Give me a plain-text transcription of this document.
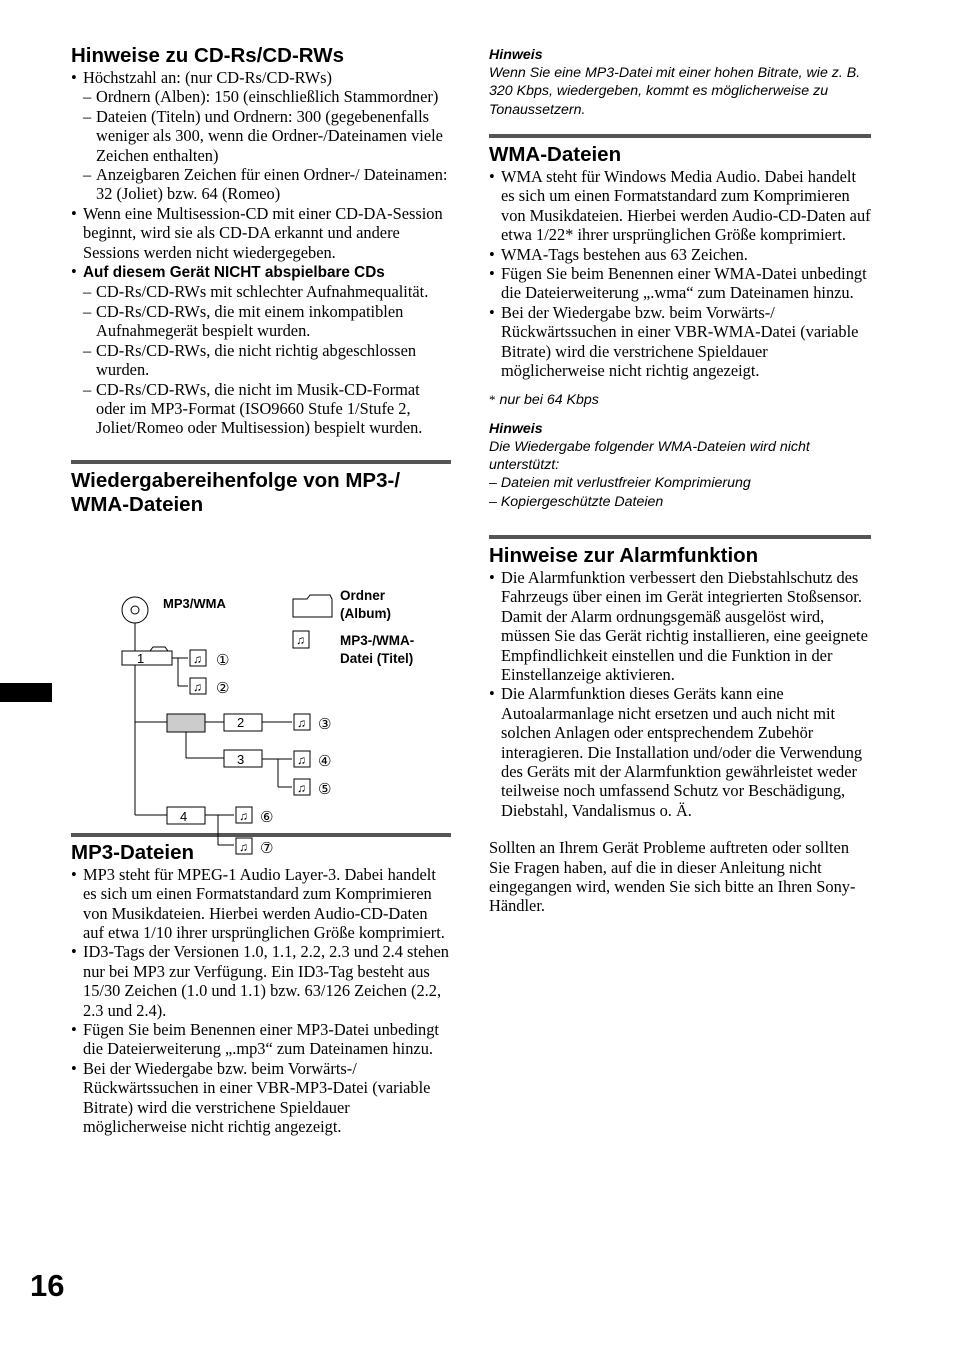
Hinweise zu CD-Rs/CD-RWs
• Höchstzahl an: (nur CD-Rs/CD-RWs)
– Ordnern (Alben): 150 (einschließlich Stammordner)
– Dateien (Titeln) und Ordnern: 300 (gegebenenfalls weniger als 300, wenn die Ordner-/Dateinamen viele Zeichen enthalten)
– Anzeigbaren Zeichen für einen Ordner-/ Dateinamen: 32 (Joliet) bzw. 64 (Romeo)
• Wenn eine Multisession-CD mit einer CD-DA-Session beginnt, wird sie als CD-DA erkannt und andere Sessions werden nicht wiedergegeben.
• Auf diesem Gerät NICHT abspielbare CDs
– CD-Rs/CD-RWs mit schlechter Aufnahmequalität.
– CD-Rs/CD-RWs, die mit einem inkompatiblen Aufnahmegerät bespielt wurden.
– CD-Rs/CD-RWs, die nicht richtig abgeschlossen wurden.
– CD-Rs/CD-RWs, die nicht im Musik-CD-Format oder im MP3-Format (ISO9660 Stufe 1/Stufe 2, Joliet/Romeo oder Multisession) bespielt wurden.
Wiedergabereihenfolge von MP3-/ WMA-Dateien
MP3-Dateien
• MP3 steht für MPEG-1 Audio Layer-3. Dabei handelt es sich um einen Formatstandard zum Komprimieren von Musikdateien. Hierbei werden Audio-CD-Daten auf etwa 1/10 ihrer ursprünglichen Größe komprimiert.
• ID3-Tags der Versionen 1.0, 1.1, 2.2, 2.3 und 2.4 stehen nur bei MP3 zur Verfügung. Ein ID3-Tag besteht aus 15/30 Zeichen (1.0 und 1.1) bzw. 63/126 Zeichen (2.2, 2.3 und 2.4).
• Fügen Sie beim Benennen einer MP3-Datei unbedingt die Dateierweiterung „.mp3“ zum Dateinamen hinzu.
• Bei der Wiedergabe bzw. beim Vorwärts-/ Rückwärtssuchen in einer VBR-MP3-Datei (variable Bitrate) wird die verstrichene Spieldauer möglicherweise nicht richtig angezeigt.
MP3/WMA
1
2
3
4
♫ ①
♫ ②
♫ ③
♫ ④
♫ ⑤
♫ ⑥
♫ ⑦
Ordner
(Album)
♫	MP3-/WMA-
Datei (Titel)
Hinweis
Wenn Sie eine MP3-Datei mit einer hohen Bitrate, wie z. B. 320 Kbps, wiedergeben, kommt es möglicherweise zu Tonaussetzern.
WMA-Dateien
• WMA steht für Windows Media Audio. Dabei handelt es sich um einen Formatstandard zum Komprimieren von Musikdateien. Hierbei werden Audio-CD-Daten auf etwa 1/22* ihrer ursprünglichen Größe komprimiert.
• WMA-Tags bestehen aus 63 Zeichen.
• Fügen Sie beim Benennen einer WMA-Datei unbedingt die Dateierweiterung „.wma“ zum Dateinamen hinzu.
• Bei der Wiedergabe bzw. beim Vorwärts-/ Rückwärtssuchen in einer VBR-WMA-Datei (variable Bitrate) wird die verstrichene Spieldauer möglicherweise nicht richtig angezeigt.
* nur bei 64 Kbps
Hinweis
Die Wiedergabe folgender WMA-Dateien wird nicht unterstützt:
– Dateien mit verlustfreier Komprimierung
– Kopiergeschützte Dateien
Hinweise zur Alarmfunktion
• Die Alarmfunktion verbessert den Diebstahlschutz des Fahrzeugs über einen im Gerät integrierten Stoßsensor. Damit der Alarm ordnungsgemäß ausgelöst wird, müssen Sie das Gerät richtig installieren, eine geeignete Empfindlichkeit einstellen und die Funktion in der Einstellanzeige aktivieren.
• Die Alarmfunktion dieses Geräts kann eine Autoalarmanlage nicht ersetzen und auch nicht mit solchen Anlagen oder entsprechendem Zubehör interagieren. Die Installation und/oder die Verwendung des Geräts mit der Alarmfunktion gewährleistet weder teilweise noch umfassend Schutz vor Beschädigung, Diebstahl, Vandalismus o. Ä.

Sollten an Ihrem Gerät Probleme auftreten oder sollten Sie Fragen haben, auf die in dieser Anleitung nicht eingegangen wird, wenden Sie sich bitte an Ihren Sony-Händler.

16
